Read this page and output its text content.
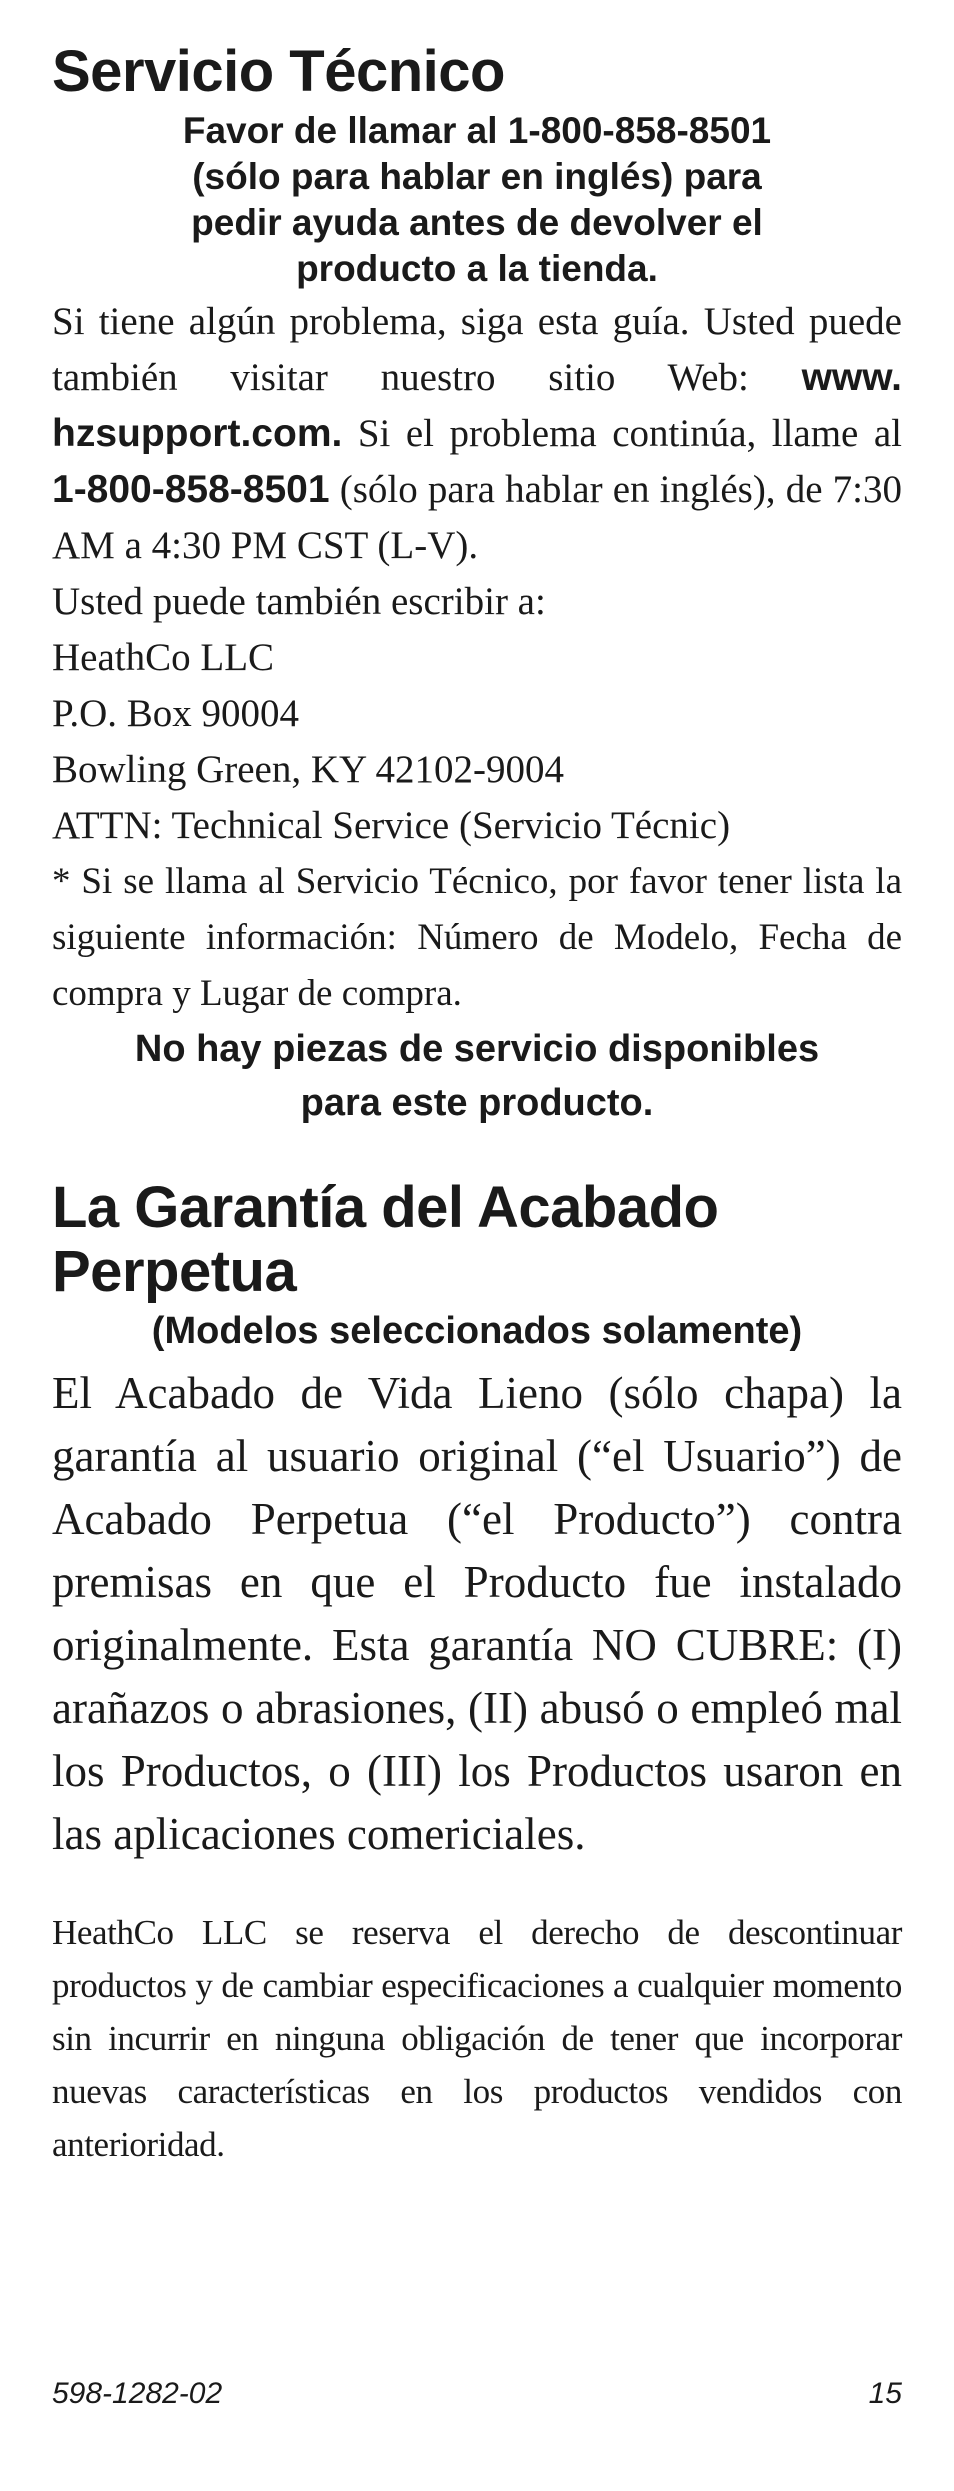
Servicio Técnico
Favor de llamar al 1-800-858-8501
(sólo para hablar en inglés) para
pedir ayuda antes de devolver el
producto a la tienda.

Si tiene algún problema, siga esta guía. Usted puede también visitar nuestro sitio Web: www. hzsupport.com. Si el problema continúa, llame al 1-800-858-8501 (sólo para hablar en inglés), de 7:30 AM a 4:30 PM CST (L-V).

Usted puede también escribir a:
HeathCo LLC
P.O. Box 90004
Bowling Green, KY 42102-9004
ATTN: Technical Service (Servicio Técnic)

* Si se llama al Servicio Técnico, por favor tener lista la siguiente información: Número de Modelo, Fecha de compra y Lugar de compra.

No hay piezas de servicio disponibles
para este producto.
La Garantía del Acabado
Perpetua
(Modelos seleccionados solamente)

El Acabado de Vida Lieno (sólo chapa) la garantía al usuario original (“el Usuario”) de Acabado Perpetua (“el Producto”) contra premisas en que el Producto fue instalado originalmente. Esta garantía NO CUBRE: (I) arañazos o abrasiones, (II) abusó o empleó mal los Productos, o (III) los Productos usaron en las aplicaciones comericiales.

HeathCo LLC se reserva el derecho de descontinuar productos y de cambiar especificaciones a cualquier momento sin incurrir en ninguna obligación de tener que incorporar nuevas características en los productos vendidos con anterioridad.

598-1282-02	15
